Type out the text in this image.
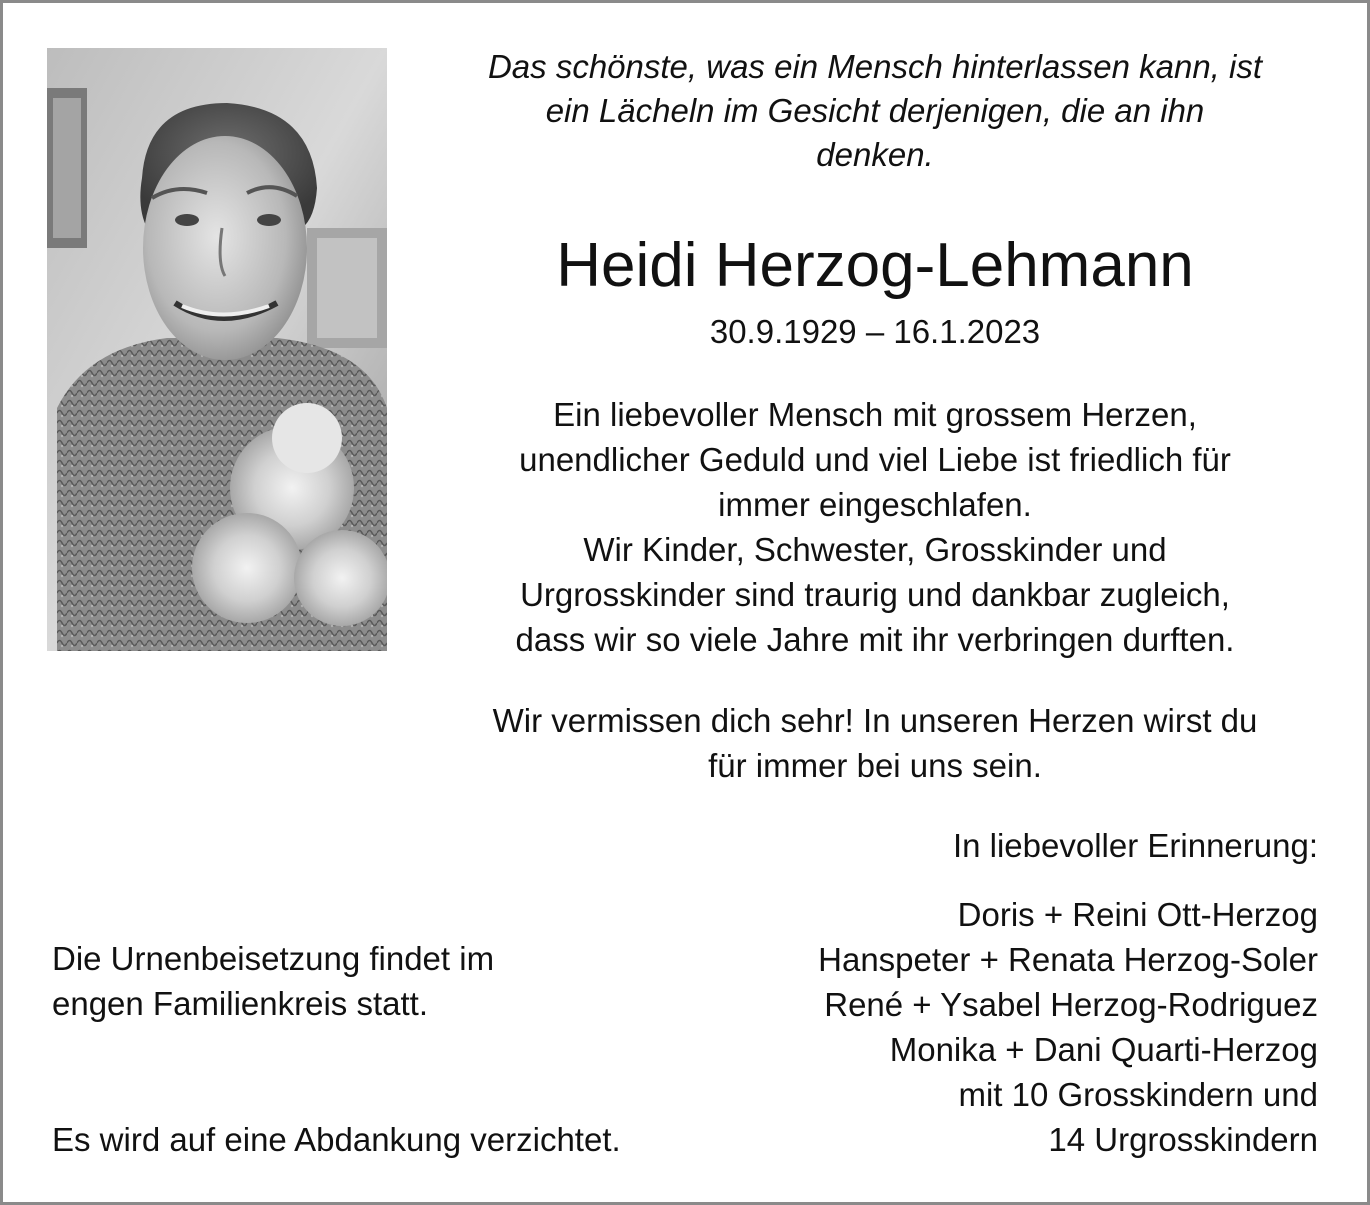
Das schönste, was ein Mensch hinterlassen kann, ist
ein Lächeln im Gesicht derjenigen, die an ihn
denken.
Heidi Herzog-Lehmann
30.9.1929 – 16.1.2023
Ein liebevoller Mensch mit grossem Herzen,
unendlicher Geduld und viel Liebe ist friedlich für
immer eingeschlafen.
Wir Kinder, Schwester, Grosskinder und
Urgrosskinder sind traurig und dankbar zugleich,
dass wir so viele Jahre mit ihr verbringen durften.
Wir vermissen dich sehr! In unseren Herzen wirst du
für immer bei uns sein.
In liebevoller Erinnerung:
Doris + Reini Ott-Herzog
Hanspeter + Renata Herzog-Soler
René + Ysabel Herzog-Rodriguez
Monika + Dani Quarti-Herzog
mit 10 Grosskindern und
14 Urgrosskindern
Die Urnenbeisetzung findet im
engen Familienkreis statt.
Es wird auf eine Abdankung verzichtet.
